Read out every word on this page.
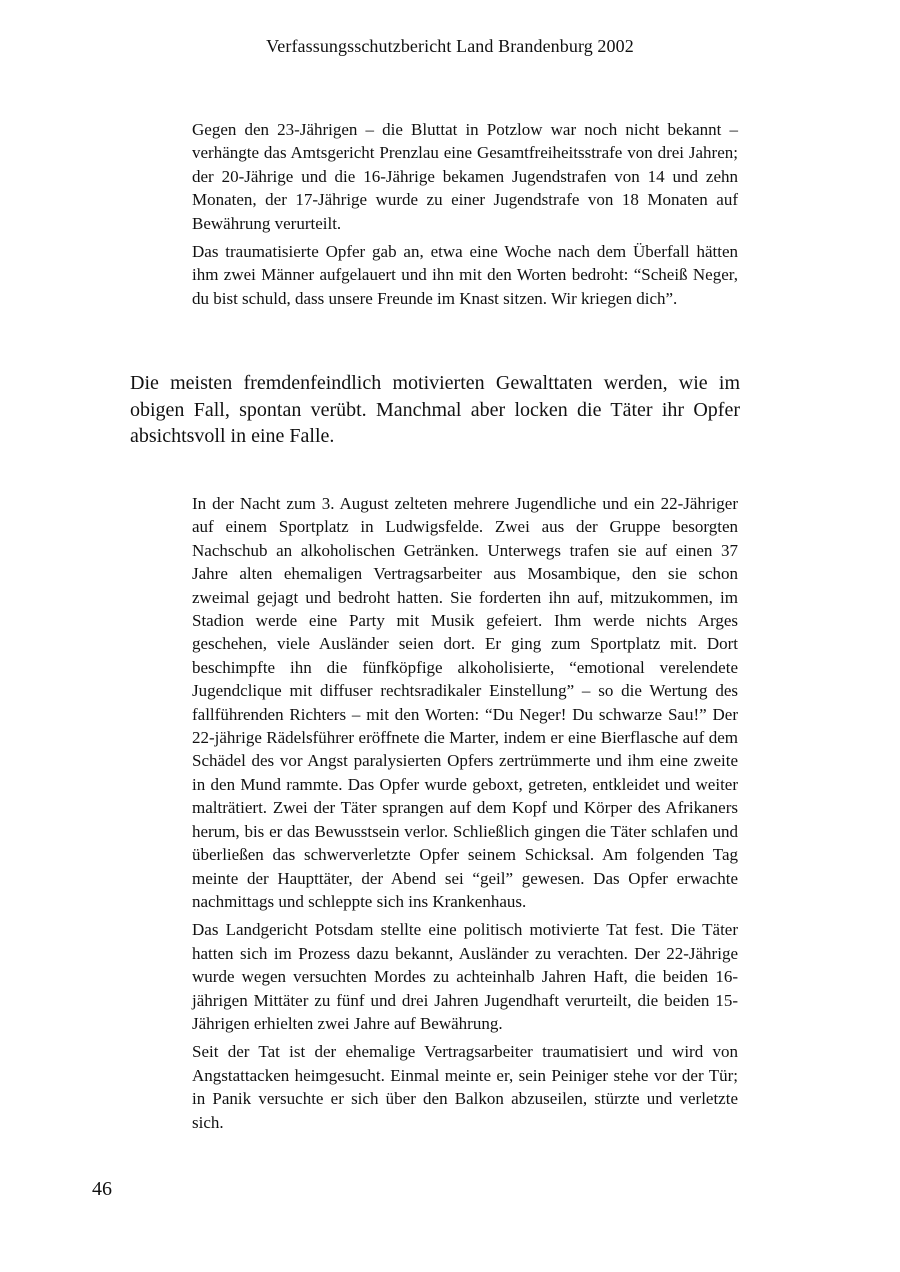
Verfassungsschutzbericht Land Brandenburg 2002

Gegen den 23-Jährigen – die Bluttat in Potzlow war noch nicht bekannt – verhängte das Amtsgericht Prenzlau eine Gesamtfreiheitsstrafe von drei Jahren; der 20-Jährige und die 16-Jährige bekamen Jugendstrafen von 14 und zehn Monaten, der 17-Jährige wurde zu einer Jugendstrafe von 18 Monaten auf Bewährung verurteilt.

Das traumatisierte Opfer gab an, etwa eine Woche nach dem Überfall hätten ihm zwei Männer aufgelauert und ihn mit den Worten bedroht: “Scheiß Neger, du bist schuld, dass unsere Freunde im Knast sitzen. Wir kriegen dich”.

Die meisten fremdenfeindlich motivierten Gewalttaten werden, wie im obigen Fall, spontan verübt. Manchmal aber locken die Täter ihr Opfer absichtsvoll in eine Falle.

In der Nacht zum 3. August zelteten mehrere Jugendliche und ein 22-Jähriger auf einem Sportplatz in Ludwigsfelde. Zwei aus der Gruppe besorgten Nachschub an alkoholischen Getränken. Unterwegs trafen sie auf einen 37 Jahre alten ehemaligen Vertragsarbeiter aus Mosambique, den sie schon zweimal gejagt und bedroht hatten. Sie forderten ihn auf, mitzukommen, im Stadion werde eine Party mit Musik gefeiert. Ihm werde nichts Arges geschehen, viele Ausländer seien dort. Er ging zum Sportplatz mit. Dort beschimpfte ihn die fünfköpfige alkoholisierte, “emotional verelendete Jugendclique mit diffuser rechtsradikaler Einstellung” – so die Wertung des fallführenden Richters – mit den Worten: “Du Neger! Du schwarze Sau!” Der 22-jährige Rädelsführer eröffnete die Marter, indem er eine Bierflasche auf dem Schädel des vor Angst paralysierten Opfers zertrümmerte und ihm eine zweite in den Mund rammte. Das Opfer wurde geboxt, getreten, entkleidet und weiter malträtiert. Zwei der Täter sprangen auf dem Kopf und Körper des Afrikaners herum, bis er das Bewusstsein verlor. Schließlich gingen die Täter schlafen und überließen das schwerverletzte Opfer seinem Schicksal. Am folgenden Tag meinte der Haupttäter, der Abend sei “geil” gewesen. Das Opfer erwachte nachmittags und schleppte sich ins Krankenhaus.

Das Landgericht Potsdam stellte eine politisch motivierte Tat fest. Die Täter hatten sich im Prozess dazu bekannt, Ausländer zu verachten. Der 22-Jährige wurde wegen versuchten Mordes zu achteinhalb Jahren Haft, die beiden 16-jährigen Mittäter zu fünf und drei Jahren Jugendhaft verurteilt, die beiden 15-Jährigen erhielten zwei Jahre auf Bewährung.

Seit der Tat ist der ehemalige Vertragsarbeiter traumatisiert und wird von Angstattacken heimgesucht. Einmal meinte er, sein Peiniger stehe vor der Tür; in Panik versuchte er sich über den Balkon abzuseilen, stürzte und verletzte sich.

46
